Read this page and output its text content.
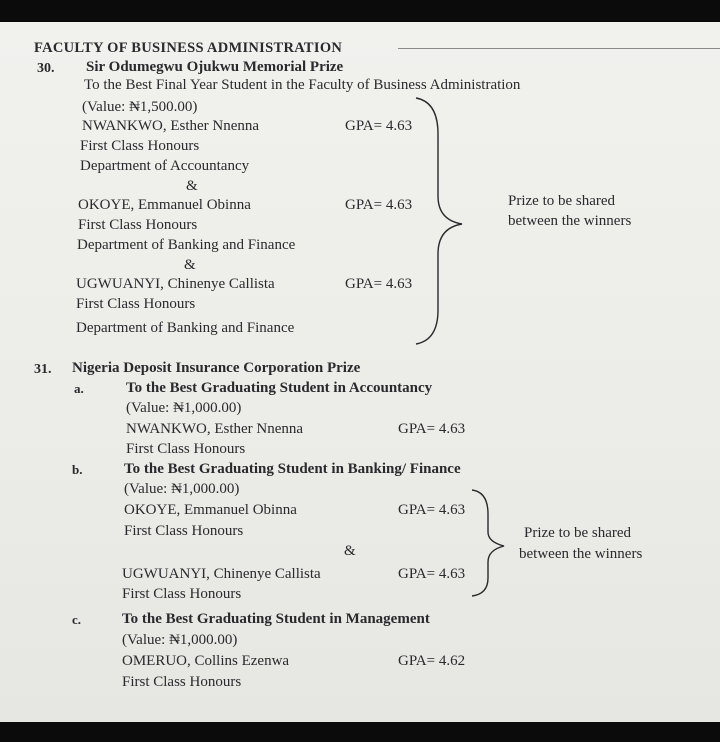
FACULTY OF BUSINESS ADMINISTRATION
30. Sir Odumegwu Ojukwu Memorial Prize
To the Best Final Year Student in the Faculty of Business Administration
(Value: ₦1,500.00)
NWANKWO, Esther Nnenna	GPA= 4.63
First Class Honours
Department of Accountancy
&
OKOYE, Emmanuel Obinna	GPA= 4.63
First Class Honours
Department of Banking and Finance
&
UGWUANYI, Chinenye Callista	GPA= 4.63
First Class Honours
Department of Banking and Finance
Prize to be shared
between the winners
31. Nigeria Deposit Insurance Corporation Prize
a.	To the Best Graduating Student in Accountancy
(Value: ₦1,000.00)
NWANKWO, Esther Nnenna	GPA= 4.63
First Class Honours
b.	To the Best Graduating Student in Banking/ Finance
(Value: ₦1,000.00)
OKOYE, Emmanuel Obinna	GPA= 4.63
First Class Honours
&
UGWUANYI, Chinenye Callista	GPA= 4.63
First Class Honours
Prize to be shared
between the winners
c.	To the Best Graduating Student in Management
(Value: ₦1,000.00)
OMERUO, Collins Ezenwa	GPA= 4.62
First Class Honours
